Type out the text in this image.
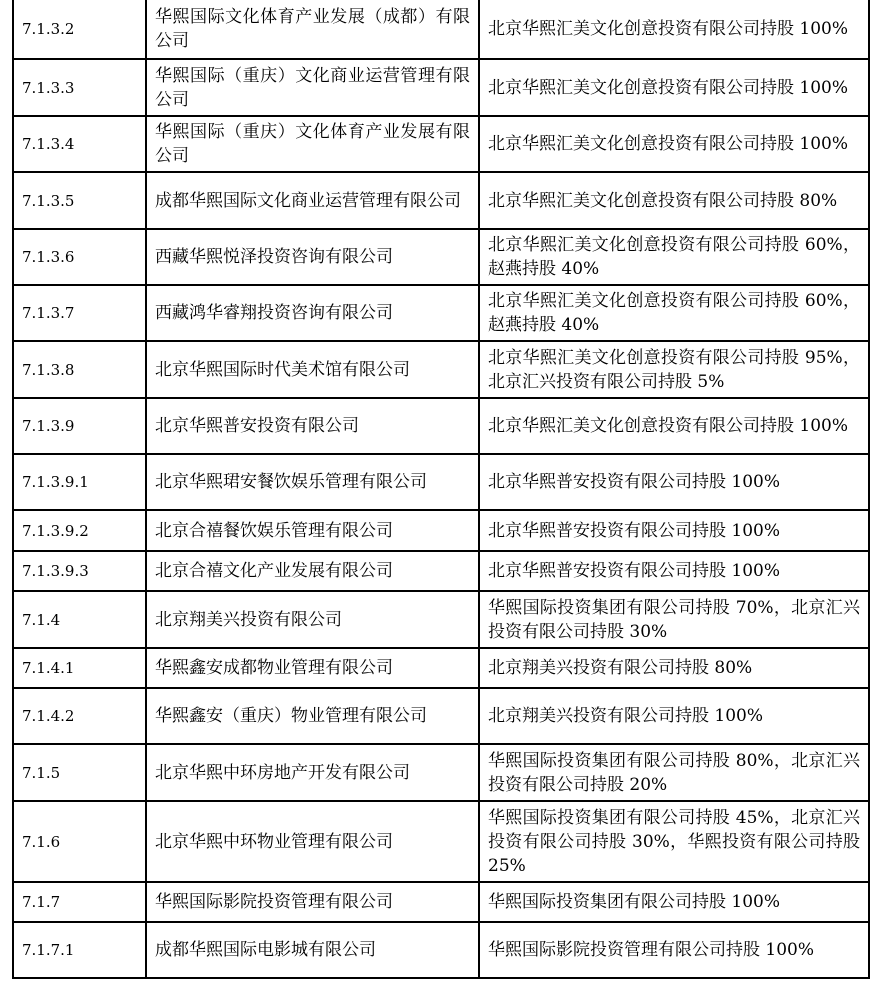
7.1.3.2	华熙国际文化体育产业发展（成都）有限公司	北京华熙汇美文化创意投资有限公司持股 100%
7.1.3.3	华熙国际（重庆）文化商业运营管理有限公司	北京华熙汇美文化创意投资有限公司持股 100%
7.1.3.4	华熙国际（重庆）文化体育产业发展有限公司	北京华熙汇美文化创意投资有限公司持股 100%
7.1.3.5	成都华熙国际文化商业运营管理有限公司	北京华熙汇美文化创意投资有限公司持股 80%
7.1.3.6	西藏华熙悦泽投资咨询有限公司	北京华熙汇美文化创意投资有限公司持股 60%，赵燕持股 40%
7.1.3.7	西藏鸿华睿翔投资咨询有限公司	北京华熙汇美文化创意投资有限公司持股 60%，赵燕持股 40%
7.1.3.8	北京华熙国际时代美术馆有限公司	北京华熙汇美文化创意投资有限公司持股 95%，北京汇兴投资有限公司持股 5%
7.1.3.9	北京华熙普安投资有限公司	北京华熙汇美文化创意投资有限公司持股 100%
7.1.3.9.1	北京华熙珺安餐饮娱乐管理有限公司	北京华熙普安投资有限公司持股 100%
7.1.3.9.2	北京合禧餐饮娱乐管理有限公司	北京华熙普安投资有限公司持股 100%
7.1.3.9.3	北京合禧文化产业发展有限公司	北京华熙普安投资有限公司持股 100%
7.1.4	北京翔美兴投资有限公司	华熙国际投资集团有限公司持股 70%，北京汇兴投资有限公司持股 30%
7.1.4.1	华熙鑫安成都物业管理有限公司	北京翔美兴投资有限公司持股 80%
7.1.4.2	华熙鑫安（重庆）物业管理有限公司	北京翔美兴投资有限公司持股 100%
7.1.5	北京华熙中环房地产开发有限公司	华熙国际投资集团有限公司持股 80%，北京汇兴投资有限公司持股 20%
7.1.6	北京华熙中环物业管理有限公司	华熙国际投资集团有限公司持股 45%，北京汇兴投资有限公司持股 30%，华熙投资有限公司持股 25%
7.1.7	华熙国际影院投资管理有限公司	华熙国际投资集团有限公司持股 100%
7.1.7.1	成都华熙国际电影城有限公司	华熙国际影院投资管理有限公司持股 100%
